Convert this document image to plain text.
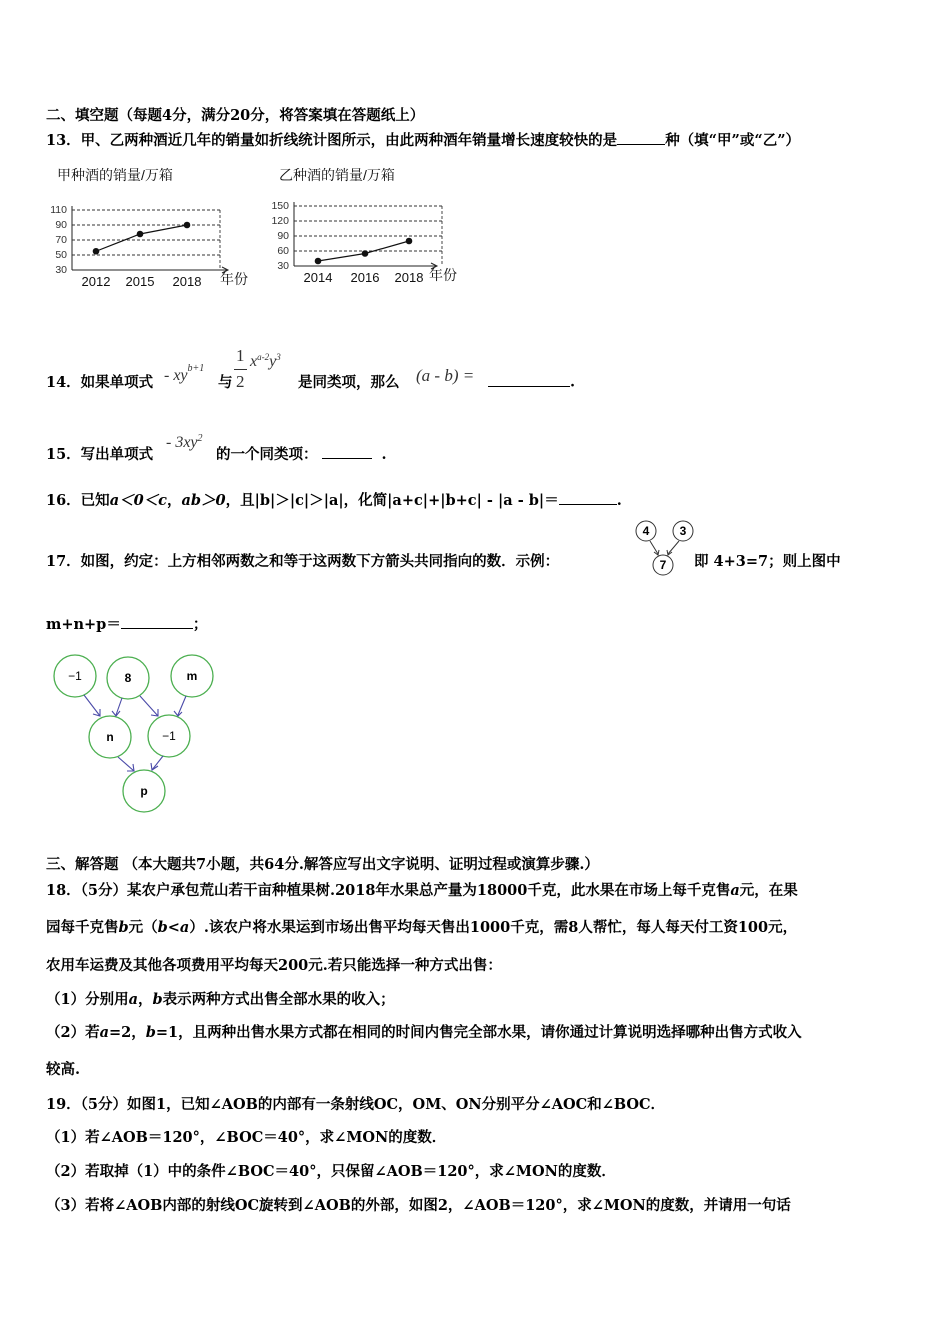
二、填空题（每题4分，满分20分，将答案填在答题纸上）
13．甲、乙两种酒近几年的销量如折线统计图所示，由此两种酒年销量增长速度较快的是	种（填“甲”或“乙”）
甲种酒的销量/万箱
30
50
70
90
110
2012 2015 2018 年份
乙种酒的销量/万箱
30
60
90
120
150
2014 2016 2018 年份
14．如果单项式 - $xy^{b+1}$
与
1
2
$x^{a-2}y^3$
是同类项，那么 (a - b) =	.
15．写出单项式
- $3xy^2$
的一个同类项：	.
16．已知a＜0＜c，ab＞0，且|b|＞|c|＞|a|，化简|a+c|+|b+c| - |a - b|＝	.
17．如图，约定：上方相邻两数之和等于这两数下方箭头共同指向的数．示例：
4	3
7 即 4+3=7；则上图中
m+n+p＝	；
−1	8	m
n	−1
p
三、解答题 （本大题共7小题，共64分.解答应写出文字说明、证明过程或演算步骤.）
18．（5分）某农户承包荒山若干亩种植果树.2018年水果总产量为18000千克，此水果在市场上每千克售a元，在果
园每千克售b元（b<a）.该农户将水果运到市场出售平均每天售出1000千克，需8人帮忙，每人每天付工资100元，
农用车运费及其他各项费用平均每天200元.若只能选择一种方式出售：
（1）分别用a，b表示两种方式出售全部水果的收入；
（2）若a=2，b=1，且两种出售水果方式都在相同的时间内售完全部水果，请你通过计算说明选择哪种出售方式收入
较高.
19．（5分）如图1，已知∠AOB的内部有一条射线OC，OM、ON分别平分∠AOC和∠BOC．
（1）若∠AOB＝120°，∠BOC＝40°，求∠MON的度数．
（2）若取掉（1）中的条件∠BOC＝40°，只保留∠AOB＝120°，求∠MON的度数．
（3）若将∠AOB内部的射线OC旋转到∠AOB的外部，如图2，∠AOB＝120°，求∠MON的度数，并请用一句话
